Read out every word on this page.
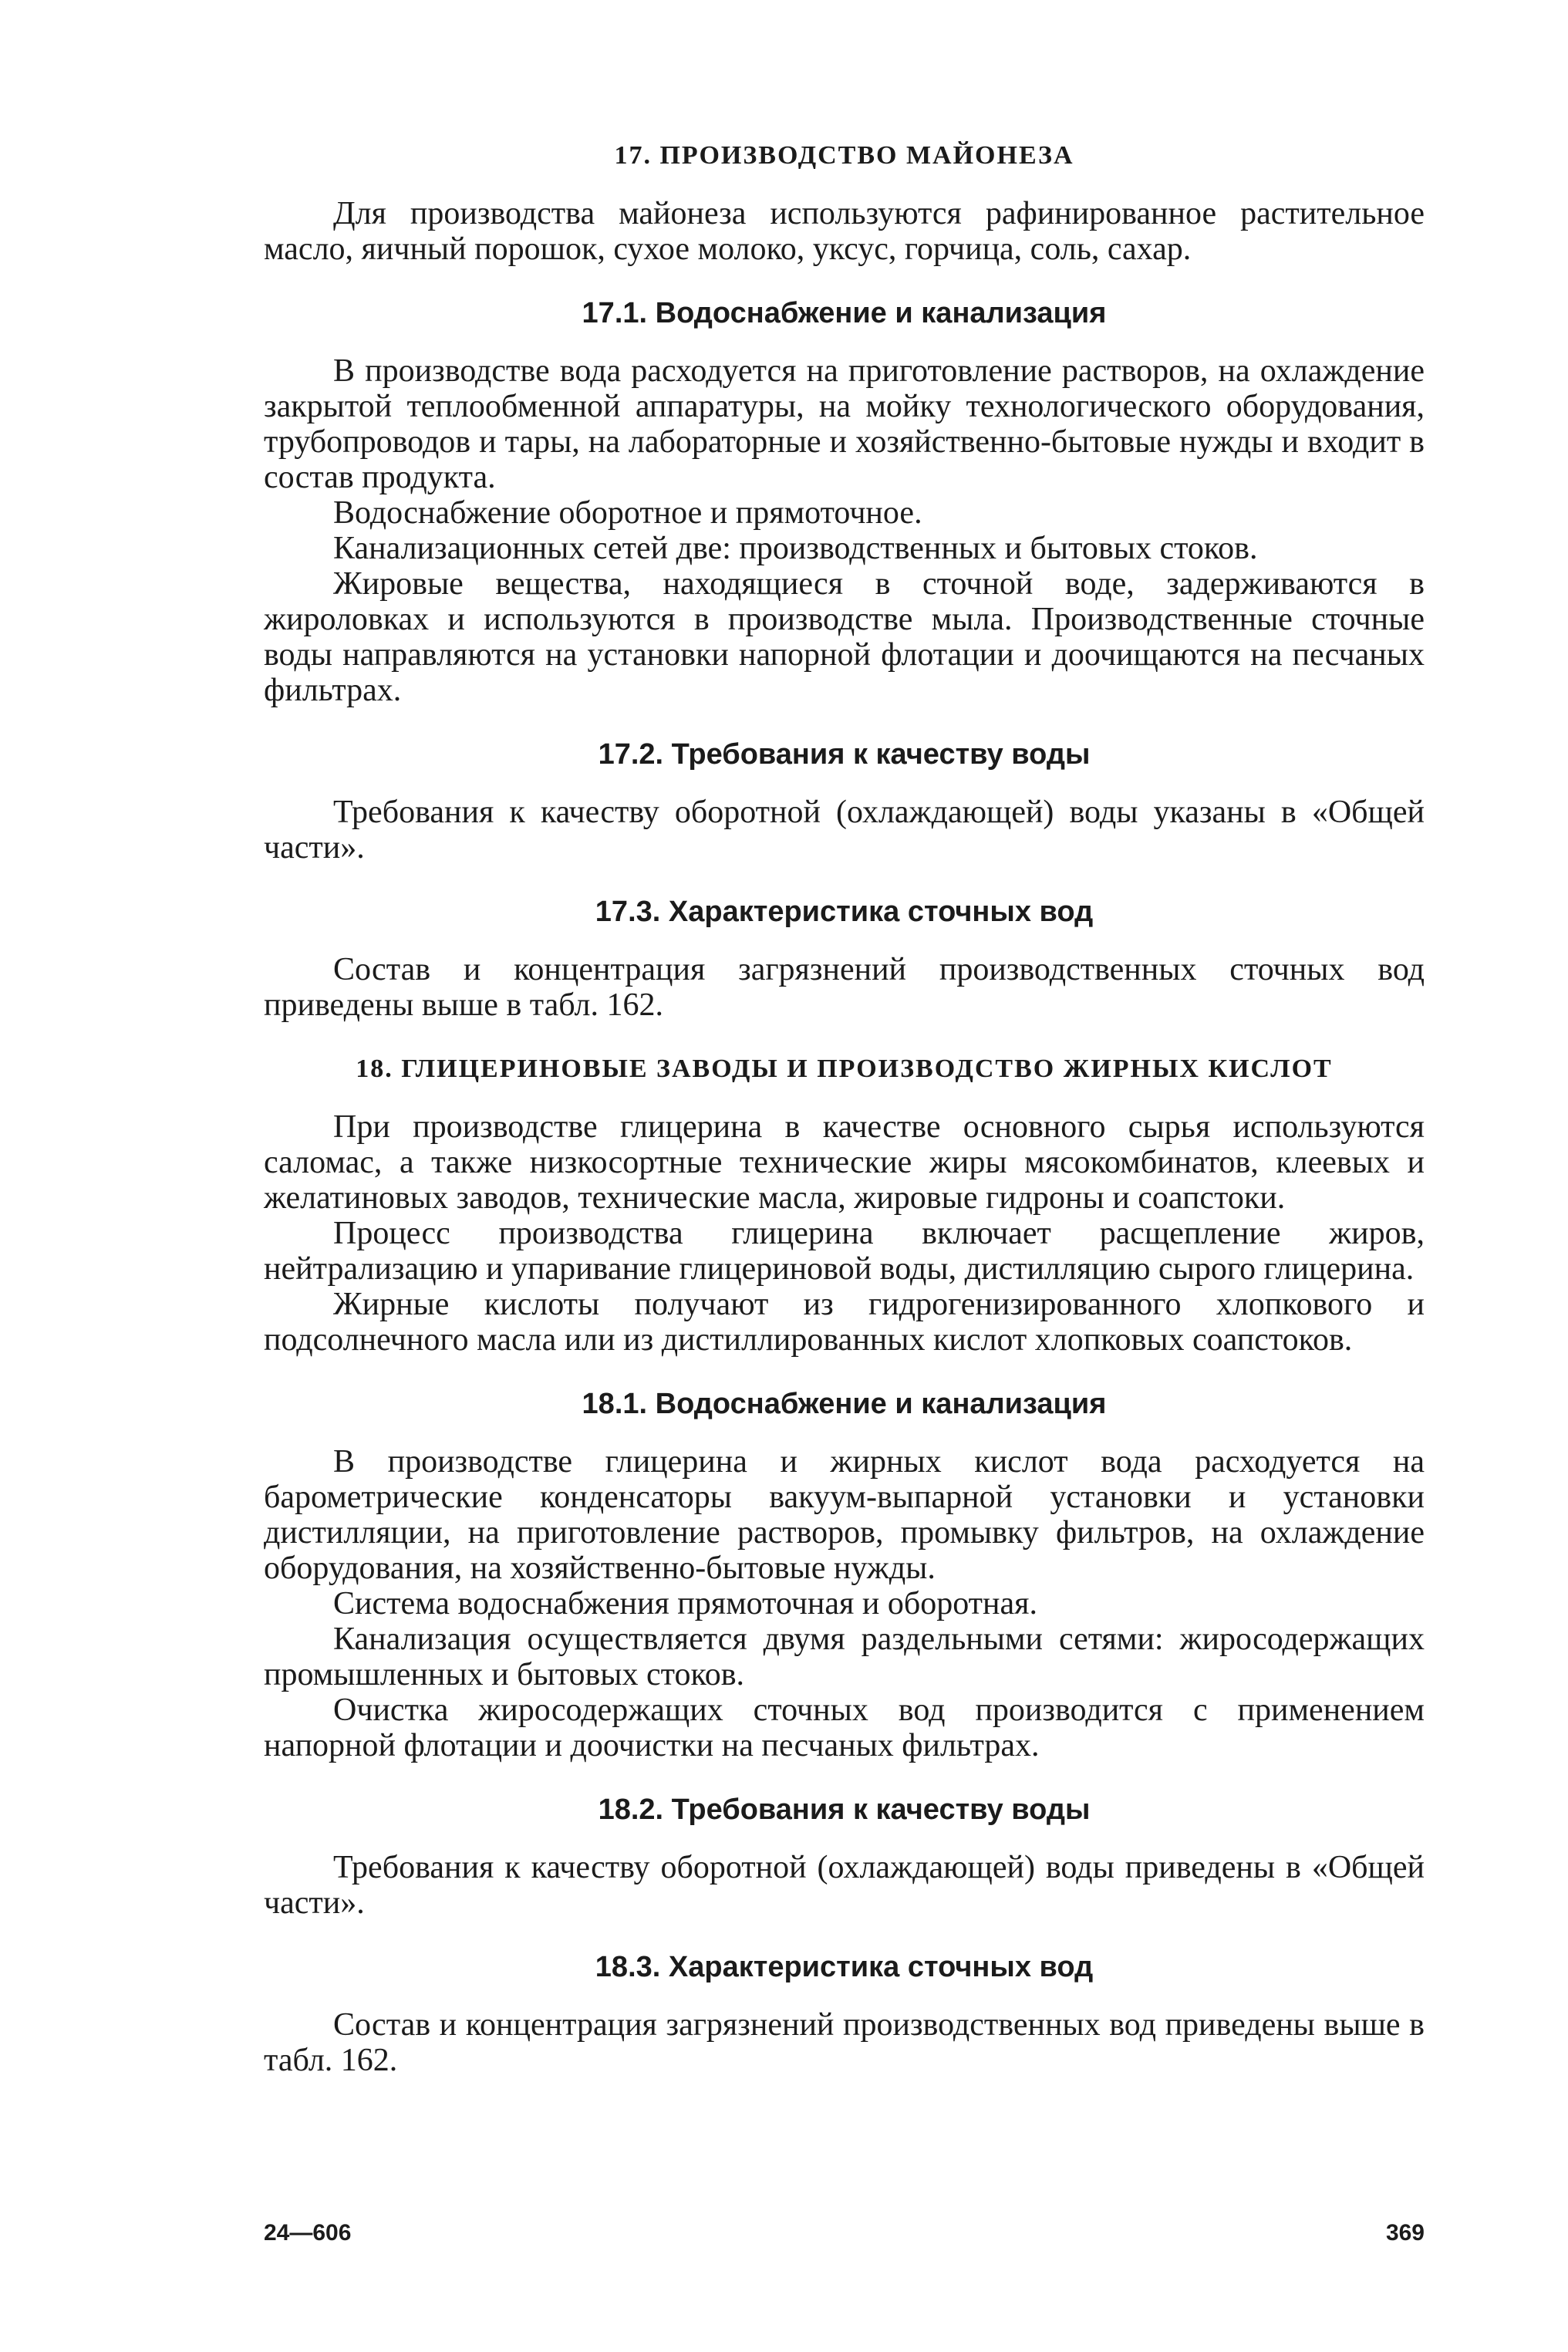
17. ПРОИЗВОДСТВО МАЙОНЕЗА

Для производства майонеза используются рафинированное растительное масло, яичный порошок, сухое молоко, уксус, горчица, соль, сахар.

17.1. Водоснабжение и канализация

В производстве вода расходуется на приготовление растворов, на охлаждение закрытой теплообменной аппаратуры, на мойку технологического оборудования, трубопроводов и тары, на лабораторные и хозяйственно-бытовые нужды и входит в состав продукта.

Водоснабжение оборотное и прямоточное.

Канализационных сетей две: производственных и бытовых стоков.

Жировые вещества, находящиеся в сточной воде, задерживаются в жироловках и используются в производстве мыла. Производственные сточные воды направляются на установки напорной флотации и доочищаются на песчаных фильтрах.

17.2. Требования к качеству воды

Требования к качеству оборотной (охлаждающей) воды указаны в «Общей части».

17.3. Характеристика сточных вод

Состав и концентрация загрязнений производственных сточных вод приведены выше в табл. 162.

18. ГЛИЦЕРИНОВЫЕ ЗАВОДЫ И ПРОИЗВОДСТВО ЖИРНЫХ КИСЛОТ

При производстве глицерина в качестве основного сырья используются саломас, а также низкосортные технические жиры мясокомбинатов, клеевых и желатиновых заводов, технические масла, жировые гидроны и соапстоки.

Процесс производства глицерина включает расщепление жиров, нейтрализацию и упаривание глицериновой воды, дистилляцию сырого глицерина.

Жирные кислоты получают из гидрогенизированного хлопкового и подсолнечного масла или из дистиллированных кислот хлопковых соапстоков.

18.1. Водоснабжение и канализация

В производстве глицерина и жирных кислот вода расходуется на барометрические конденсаторы вакуум-выпарной установки и установки дистилляции, на приготовление растворов, промывку фильтров, на охлаждение оборудования, на хозяйственно-бытовые нужды.

Система водоснабжения прямоточная и оборотная.

Канализация осуществляется двумя раздельными сетями: жиросодержащих промышленных и бытовых стоков.

Очистка жиросодержащих сточных вод производится с применением напорной флотации и доочистки на песчаных фильтрах.

18.2. Требования к качеству воды

Требования к качеству оборотной (охлаждающей) воды приведены в «Общей части».

18.3. Характеристика сточных вод

Состав и концентрация загрязнений производственных вод приведены выше в табл. 162.

24—606	369
